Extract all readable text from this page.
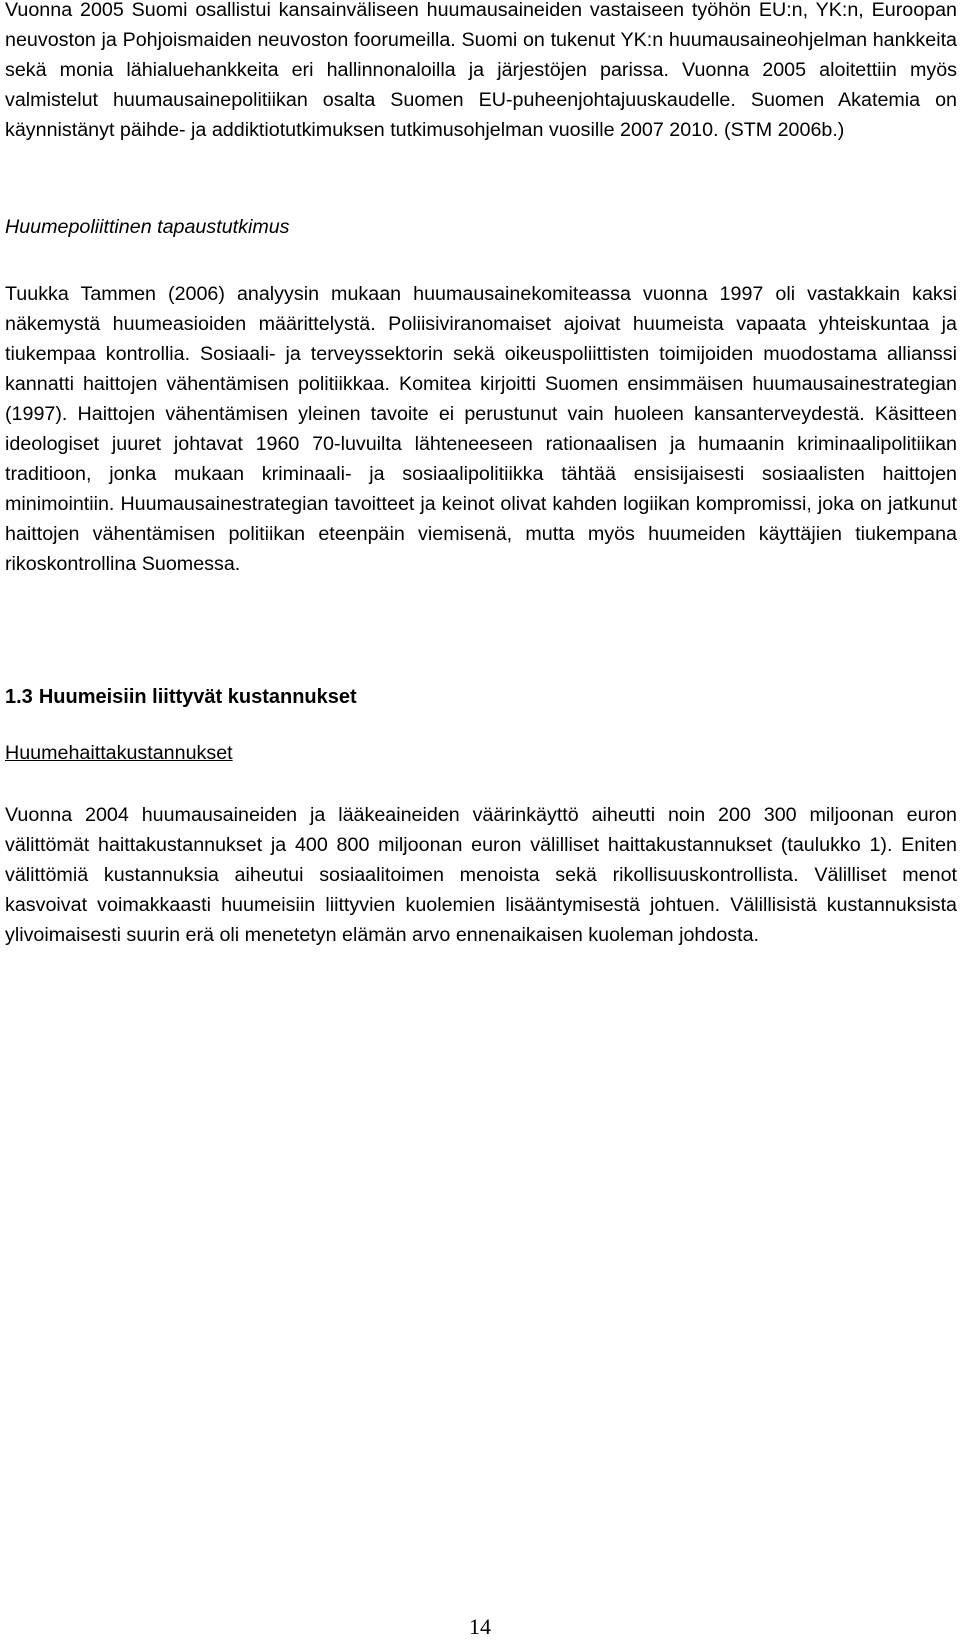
Vuonna 2005 Suomi osallistui kansainväliseen huumausaineiden vastaiseen työhön EU:n, YK:n, Euroopan neuvoston ja Pohjoismaiden neuvoston foorumeilla. Suomi on tukenut YK:n huumausaineohjelman hankkeita sekä monia lähialuehankkeita eri hallinnonaloilla ja järjestöjen parissa. Vuonna 2005 aloitettiin myös valmistelut huumausainepolitiikan osalta Suomen EU-puheenjohtajuuskaudelle. Suomen Akatemia on käynnistänyt päihde- ja addiktiotutkimuksen tutkimusohjelman vuosille 2007 2010. (STM 2006b.)

Huumepoliittinen tapaustutkimus

Tuukka Tammen (2006) analyysin mukaan huumausainekomiteassa vuonna 1997 oli vastakkain kaksi näkemystä huumeasioiden määrittelystä. Poliisiviranomaiset ajoivat huumeista vapaata yhteiskuntaa ja tiukempaa kontrollia. Sosiaali- ja terveyssektorin sekä oikeuspoliittisten toimijoiden muodostama allianssi kannatti haittojen vähentämisen politiikkaa. Komitea kirjoitti Suomen ensimmäisen huumausainestrategian (1997). Haittojen vähentämisen yleinen tavoite ei perustunut vain huoleen kansanterveydestä. Käsitteen ideologiset juuret johtavat 1960 70-luvuilta lähteneeseen rationaalisen ja humaanin kriminaalipolitiikan traditioon, jonka mukaan kriminaali- ja sosiaalipolitiikka tähtää ensisijaisesti sosiaalisten haittojen minimointiin. Huumausainestrategian tavoitteet ja keinot olivat kahden logiikan kompromissi, joka on jatkunut haittojen vähentämisen politiikan eteenpäin viemisenä, mutta myös huumeiden käyttäjien tiukempana rikoskontrollina Suomessa.

1.3 Huumeisiin liittyvät kustannukset
Huumehaittakustannukset

Vuonna 2004 huumausaineiden ja lääkeaineiden väärinkäyttö aiheutti noin 200 300 miljoonan euron välittömät haittakustannukset ja 400 800 miljoonan euron välilliset haittakustannukset (taulukko 1). Eniten välittömiä kustannuksia aiheutui sosiaalitoimen menoista sekä rikollisuuskontrollista. Välilliset menot kasvoivat voimakkaasti huumeisiin liittyvien kuolemien lisääntymisestä johtuen. Välillisistä kustannuksista ylivoimaisesti suurin erä oli menetetyn elämän arvo ennenaikaisen kuoleman johdosta.

14
